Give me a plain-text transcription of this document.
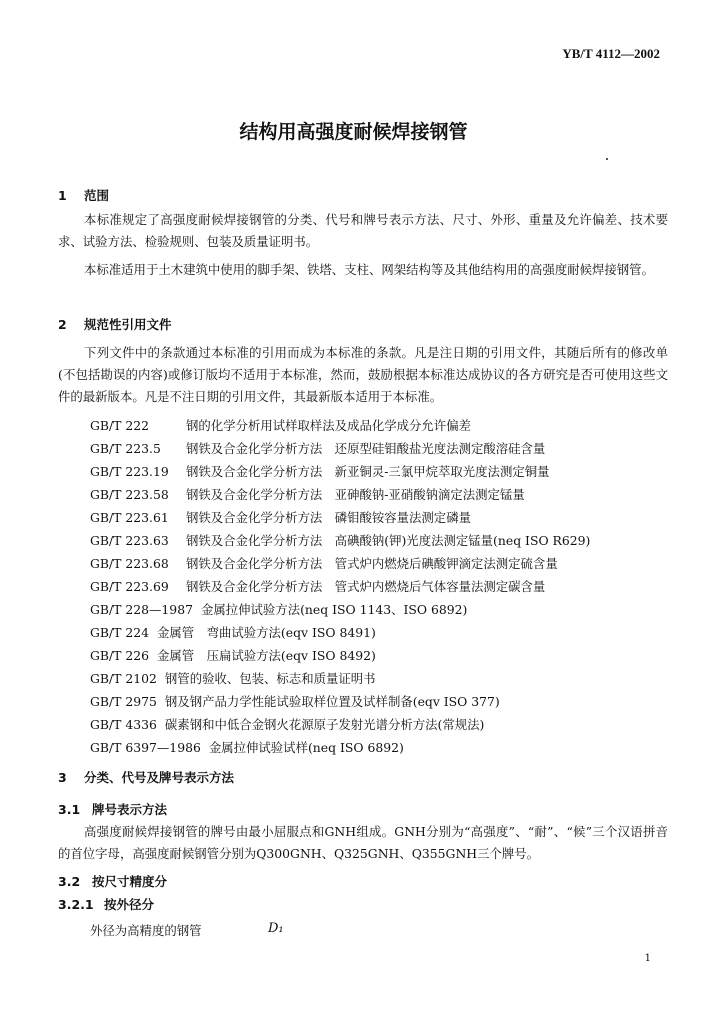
YB/T 4112—2002
结构用高强度耐候焊接钢管
1 范围
本标准规定了高强度耐候焊接钢管的分类、代号和牌号表示方法、尺寸、外形、重量及允许偏差、技术要求、试验方法、检验规则、包装及质量证明书。
本标准适用于土木建筑中使用的脚手架、铁塔、支柱、网架结构等及其他结构用的高强度耐候焊接钢管。
2 规范性引用文件
下列文件中的条款通过本标准的引用而成为本标准的条款。凡是注日期的引用文件，其随后所有的修改单(不包括勘误的内容)或修订版均不适用于本标准，然而，鼓励根据本标准达成协议的各方研究是否可使用这些文件的最新版本。凡是不注日期的引用文件，其最新版本适用于本标准。
GB/T 222	钢的化学分析用试样取样法及成品化学成分允许偏差
GB/T 223.5 钢铁及合金化学分析方法　还原型硅钼酸盐光度法测定酸溶硅含量
GB/T 223.19 钢铁及合金化学分析方法　新亚铜灵-三氯甲烷萃取光度法测定铜量
GB/T 223.58 钢铁及合金化学分析方法　亚砷酸钠-亚硝酸钠滴定法测定锰量
GB/T 223.61 钢铁及合金化学分析方法　磷钼酸铵容量法测定磷量
GB/T 223.63 钢铁及合金化学分析方法　高碘酸钠(钾)光度法测定锰量(neq ISO R629)
GB/T 223.68 钢铁及合金化学分析方法　管式炉内燃烧后碘酸钾滴定法测定硫含量
GB/T 223.69 钢铁及合金化学分析方法　管式炉内燃烧后气体容量法测定碳含量
GB/T 228—1987 金属拉伸试验方法(neq ISO 1143、ISO 6892)
GB/T 224 金属管　弯曲试验方法(eqv ISO 8491)
GB/T 226 金属管　压扁试验方法(eqv ISO 8492)
GB/T 2102 钢管的验收、包装、标志和质量证明书
GB/T 2975 钢及钢产品力学性能试验取样位置及试样制备(eqv ISO 377)
GB/T 4336 碳素钢和中低合金钢火花源原子发射光谱分析方法(常规法)
GB/T 6397—1986 金属拉伸试验试样(neq ISO 6892)
3 分类、代号及牌号表示方法
3.1 牌号表示方法
高强度耐候焊接钢管的牌号由最小屈服点和GNH组成。GNH分别为“高强度”、“耐”、“候”三个汉语拼音的首位字母，高强度耐候钢管分别为Q300GNH、Q325GNH、Q355GNH三个牌号。
3.2 按尺寸精度分
3.2.1 按外径分
外径为高精度的钢管	D₁
1
